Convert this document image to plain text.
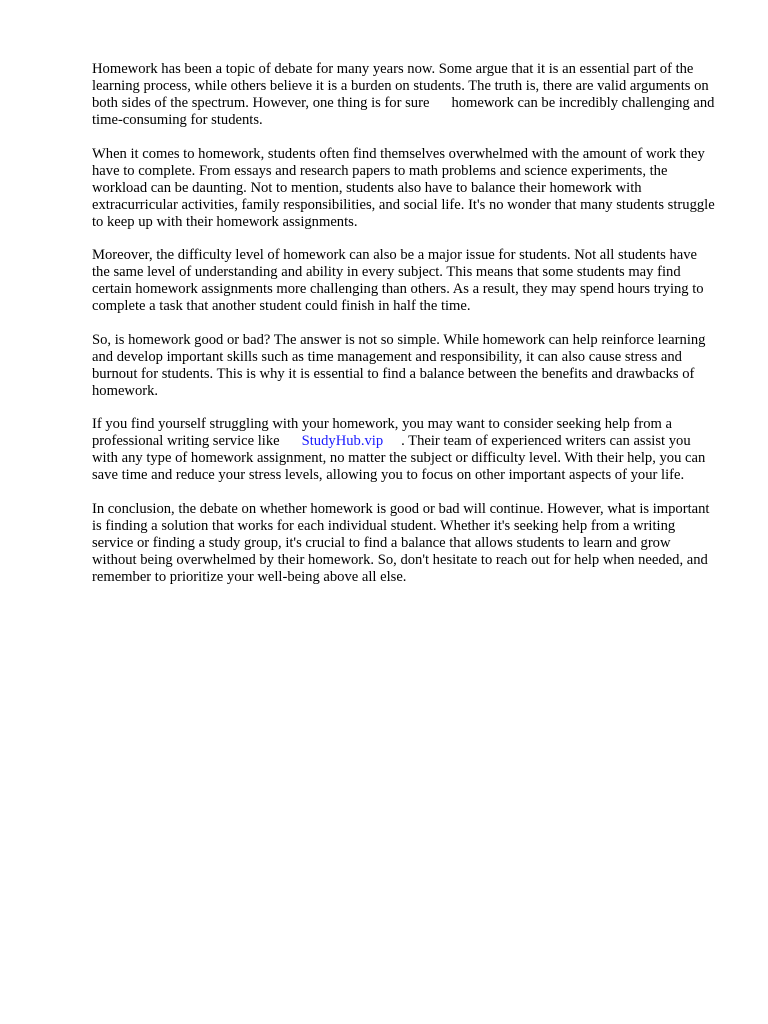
Homework has been a topic of debate for many years now. Some argue that it is an essential part of the learning process, while others believe it is a burden on students. The truth is, there are valid arguments on both sides of the spectrum. However, one thing is for sure homework can be incredibly challenging and time-consuming for students.

When it comes to homework, students often find themselves overwhelmed with the amount of work they have to complete. From essays and research papers to math problems and science experiments, the workload can be daunting. Not to mention, students also have to balance their homework with extracurricular activities, family responsibilities, and social life. It's no wonder that many students struggle to keep up with their homework assignments.

Moreover, the difficulty level of homework can also be a major issue for students. Not all students have the same level of understanding and ability in every subject. This means that some students may find certain homework assignments more challenging than others. As a result, they may spend hours trying to complete a task that another student could finish in half the time.

So, is homework good or bad? The answer is not so simple. While homework can help reinforce learning and develop important skills such as time management and responsibility, it can also cause stress and burnout for students. This is why it is essential to find a balance between the benefits and drawbacks of homework.

If you find yourself struggling with your homework, you may want to consider seeking help from a professional writing service like StudyHub.vip . Their team of experienced writers can assist you with any type of homework assignment, no matter the subject or difficulty level. With their help, you can save time and reduce your stress levels, allowing you to focus on other important aspects of your life.

In conclusion, the debate on whether homework is good or bad will continue. However, what is important is finding a solution that works for each individual student. Whether it's seeking help from a writing service or finding a study group, it's crucial to find a balance that allows students to learn and grow without being overwhelmed by their homework. So, don't hesitate to reach out for help when needed, and remember to prioritize your well-being above all else.
